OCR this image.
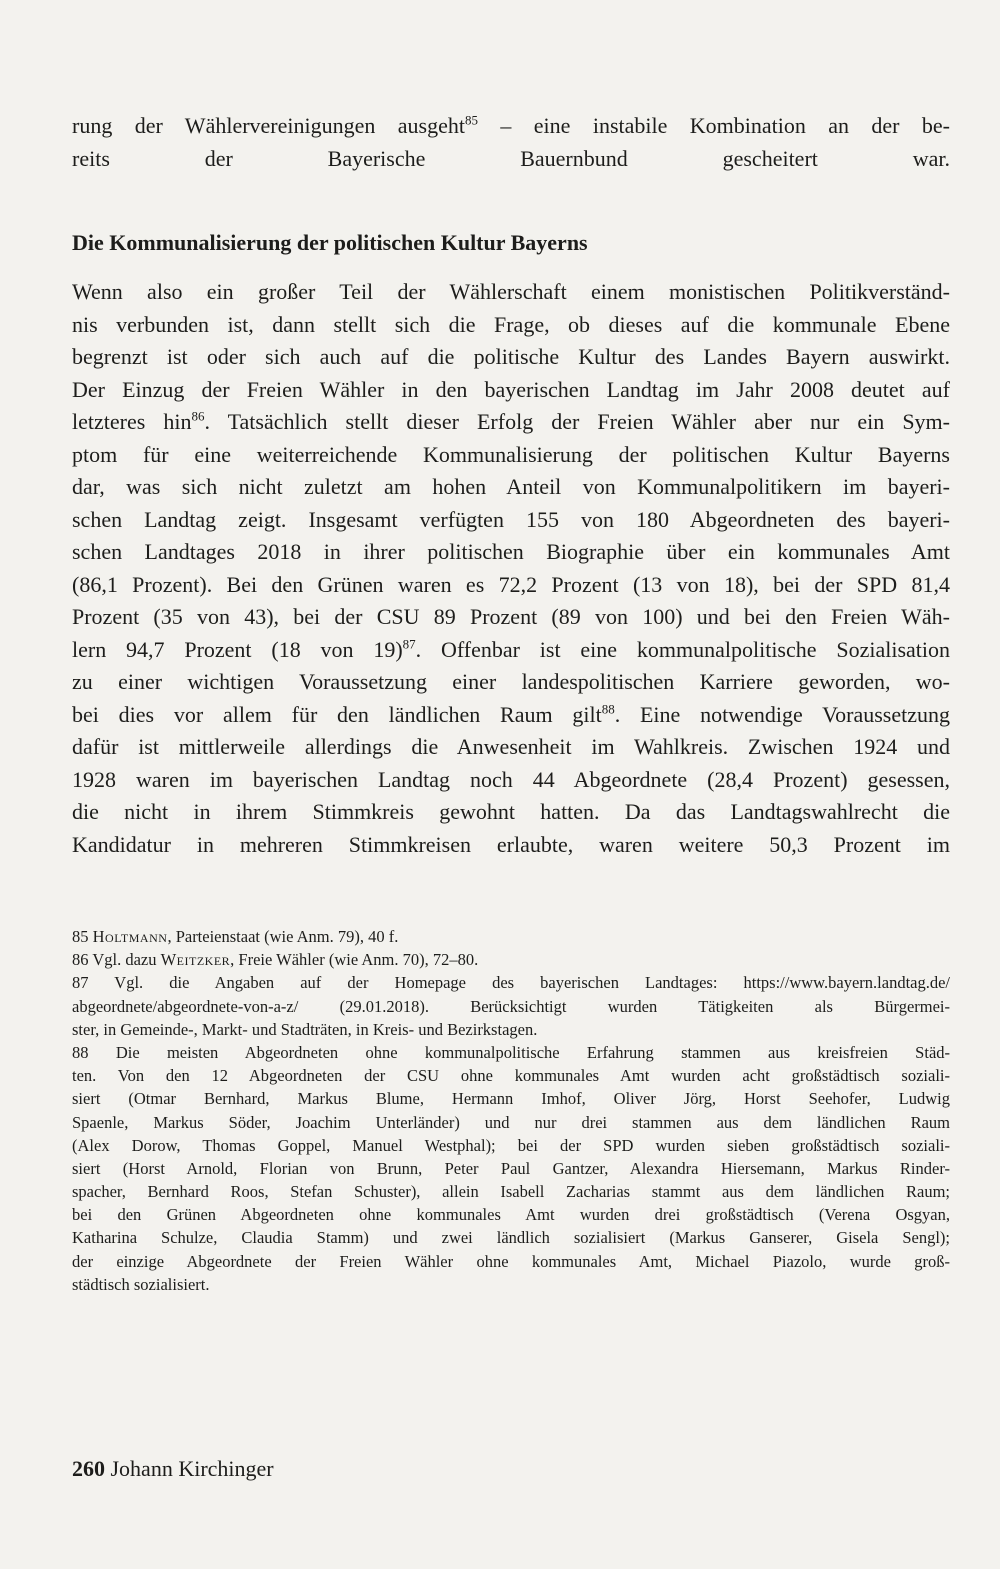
rung der Wählervereinigungen ausgeht$^{85}$ – eine instabile Kombination an der be-
reits der Bayerische Bauernbund gescheitert war.
Die Kommunalisierung der politischen Kultur Bayerns
Wenn also ein großer Teil der Wählerschaft einem monistischen Politikverständ-
nis verbunden ist, dann stellt sich die Frage, ob dieses auf die kommunale Ebene
begrenzt ist oder sich auch auf die politische Kultur des Landes Bayern auswirkt.
Der Einzug der Freien Wähler in den bayerischen Landtag im Jahr 2008 deutet auf
letzteres hin$^{86}$. Tatsächlich stellt dieser Erfolg der Freien Wähler aber nur ein Sym-
ptom für eine weiterreichende Kommunalisierung der politischen Kultur Bayerns
dar, was sich nicht zuletzt am hohen Anteil von Kommunalpolitikern im bayeri-
schen Landtag zeigt. Insgesamt verfügten 155 von 180 Abgeordneten des bayeri-
schen Landtages 2018 in ihrer politischen Biographie über ein kommunales Amt
(86,1 Prozent). Bei den Grünen waren es 72,2 Prozent (13 von 18), bei der SPD 81,4
Prozent (35 von 43), bei der CSU 89 Prozent (89 von 100) und bei den Freien Wäh-
lern 94,7 Prozent (18 von 19)$^{87}$. Offenbar ist eine kommunalpolitische Sozialisation
zu einer wichtigen Voraussetzung einer landespolitischen Karriere geworden, wo-
bei dies vor allem für den ländlichen Raum gilt$^{88}$. Eine notwendige Voraussetzung
dafür ist mittlerweile allerdings die Anwesenheit im Wahlkreis. Zwischen 1924 und
1928 waren im bayerischen Landtag noch 44 Abgeordnete (28,4 Prozent) gesessen,
die nicht in ihrem Stimmkreis gewohnt hatten. Da das Landtagswahlrecht die
Kandidatur in mehreren Stimmkreisen erlaubte, waren weitere 50,3 Prozent im
85 Holtmann, Parteienstaat (wie Anm. 79), 40 f.
86 Vgl. dazu Weitzker, Freie Wähler (wie Anm. 70), 72–80.
87 Vgl. die Angaben auf der Homepage des bayerischen Landtages: https://www.bayern.landtag.de/
abgeordnete/abgeordnete-von-a-z/ (29.01.2018). Berücksichtigt wurden Tätigkeiten als Bürgermei-
ster, in Gemeinde-, Markt- und Stadträten, in Kreis- und Bezirkstagen.
88 Die meisten Abgeordneten ohne kommunalpolitische Erfahrung stammen aus kreisfreien Städ-
ten. Von den 12 Abgeordneten der CSU ohne kommunales Amt wurden acht großstädtisch soziali-
siert (Otmar Bernhard, Markus Blume, Hermann Imhof, Oliver Jörg, Horst Seehofer, Ludwig
Spaenle, Markus Söder, Joachim Unterländer) und nur drei stammen aus dem ländlichen Raum
(Alex Dorow, Thomas Goppel, Manuel Westphal); bei der SPD wurden sieben großstädtisch soziali-
siert (Horst Arnold, Florian von Brunn, Peter Paul Gantzer, Alexandra Hiersemann, Markus Rinder-
spacher, Bernhard Roos, Stefan Schuster), allein Isabell Zacharias stammt aus dem ländlichen Raum;
bei den Grünen Abgeordneten ohne kommunales Amt wurden drei großstädtisch (Verena Osgyan,
Katharina Schulze, Claudia Stamm) und zwei ländlich sozialisiert (Markus Ganserer, Gisela Sengl);
der einzige Abgeordnete der Freien Wähler ohne kommunales Amt, Michael Piazolo, wurde groß-
städtisch sozialisiert.
260 Johann Kirchinger
